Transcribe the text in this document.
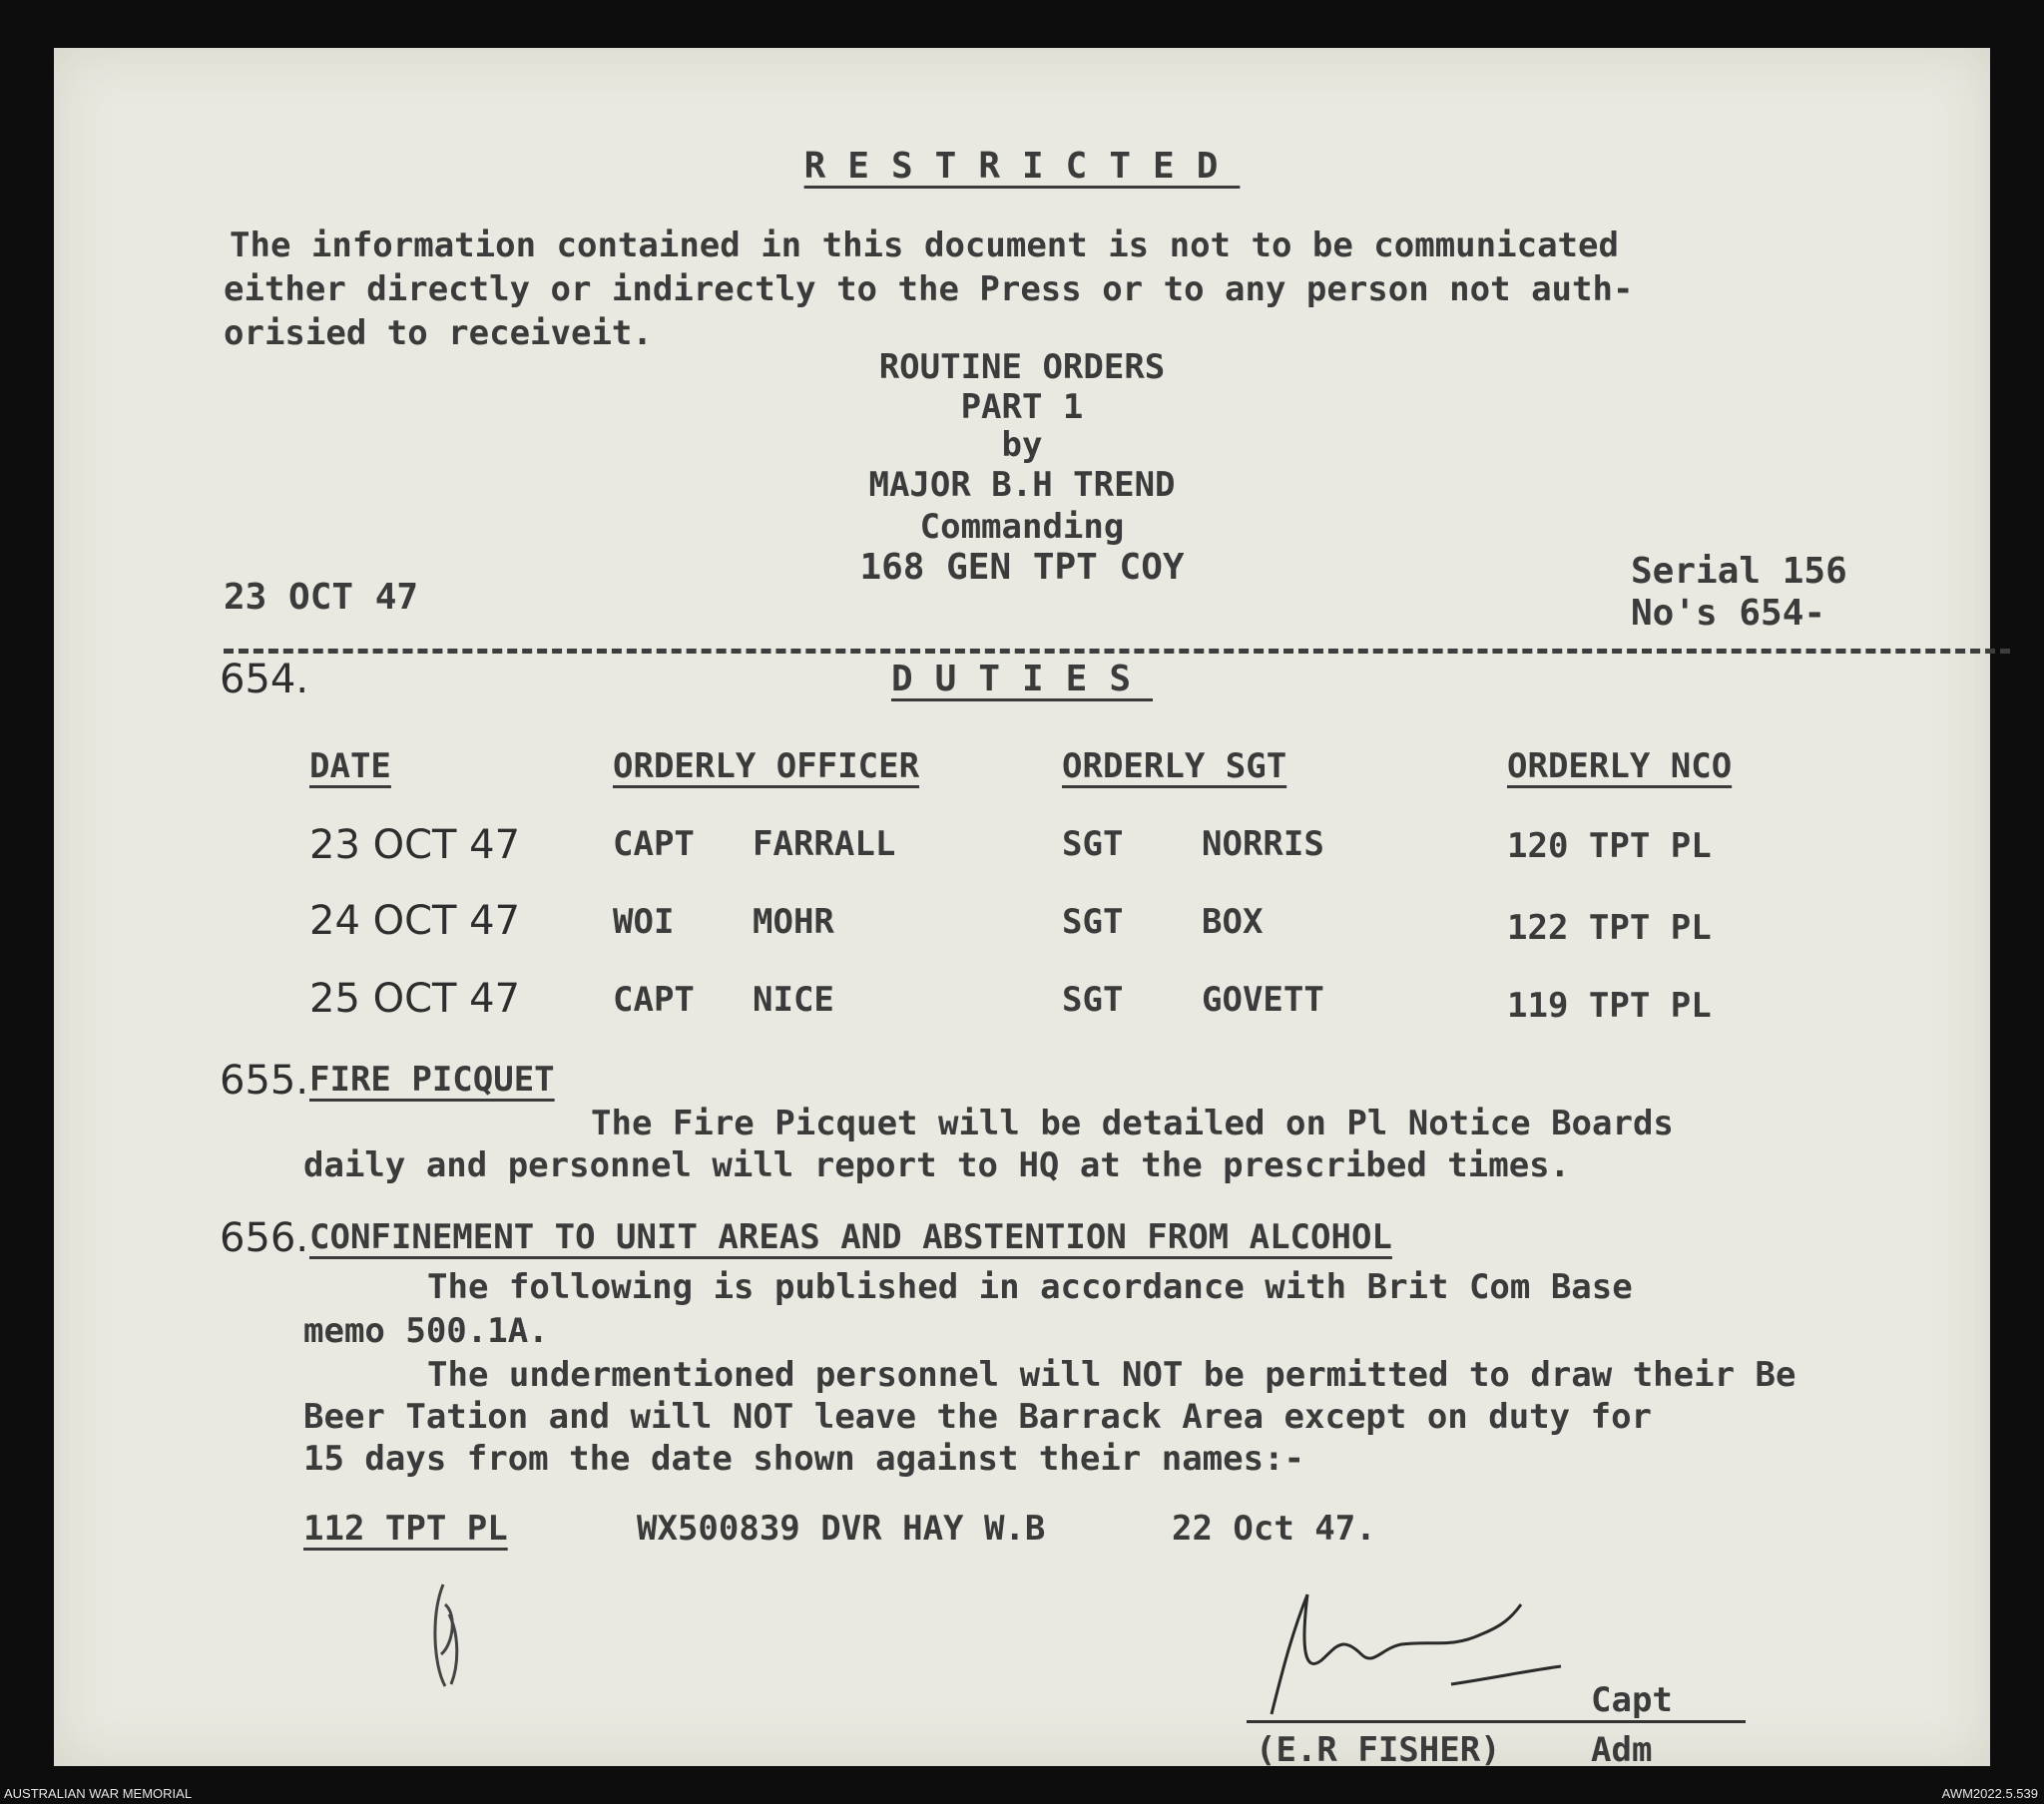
RESTRICTED
The information contained in this document is not to be communicated
either directly or indirectly to the Press or to any person not auth-
orisied to receiveit.
ROUTINE ORDERS
PART 1
by
MAJOR B.H TREND
Commanding
168 GEN TPT COY
23 OCT 47
Serial 156
No's 654-
654.	DUTIES
DATE	ORDERLY OFFICER	ORDERLY SGT	ORDERLY NCO
23 OCT 47	CAPT FARRALL	SGT NORRIS	120 TPT PL
24 OCT 47	WOI MOHR	SGT BOX	122 TPT PL
25 OCT 47	CAPT NICE	SGT GOVETT	119 TPT PL
655. FIRE PICQUET
The Fire Picquet will be detailed on Pl Notice Boards
daily and personnel will report to HQ at the prescribed times.
656. CONFINEMENT TO UNIT AREAS AND ABSTENTION FROM ALCOHOL
The following is published in accordance with Brit Com Base
memo 500.1A.
The undermentioned personnel will NOT be permitted to draw their Be
Beer Tation and will NOT leave the Barrack Area except on duty for
15 days from the date shown against their names:-
112 TPT PL	WX500839 DVR HAY W.B	22 Oct 47.
Capt
(E.R FISHER)	Adm
AUSTRALIAN WAR MEMORIAL	AWM2022.5.539
